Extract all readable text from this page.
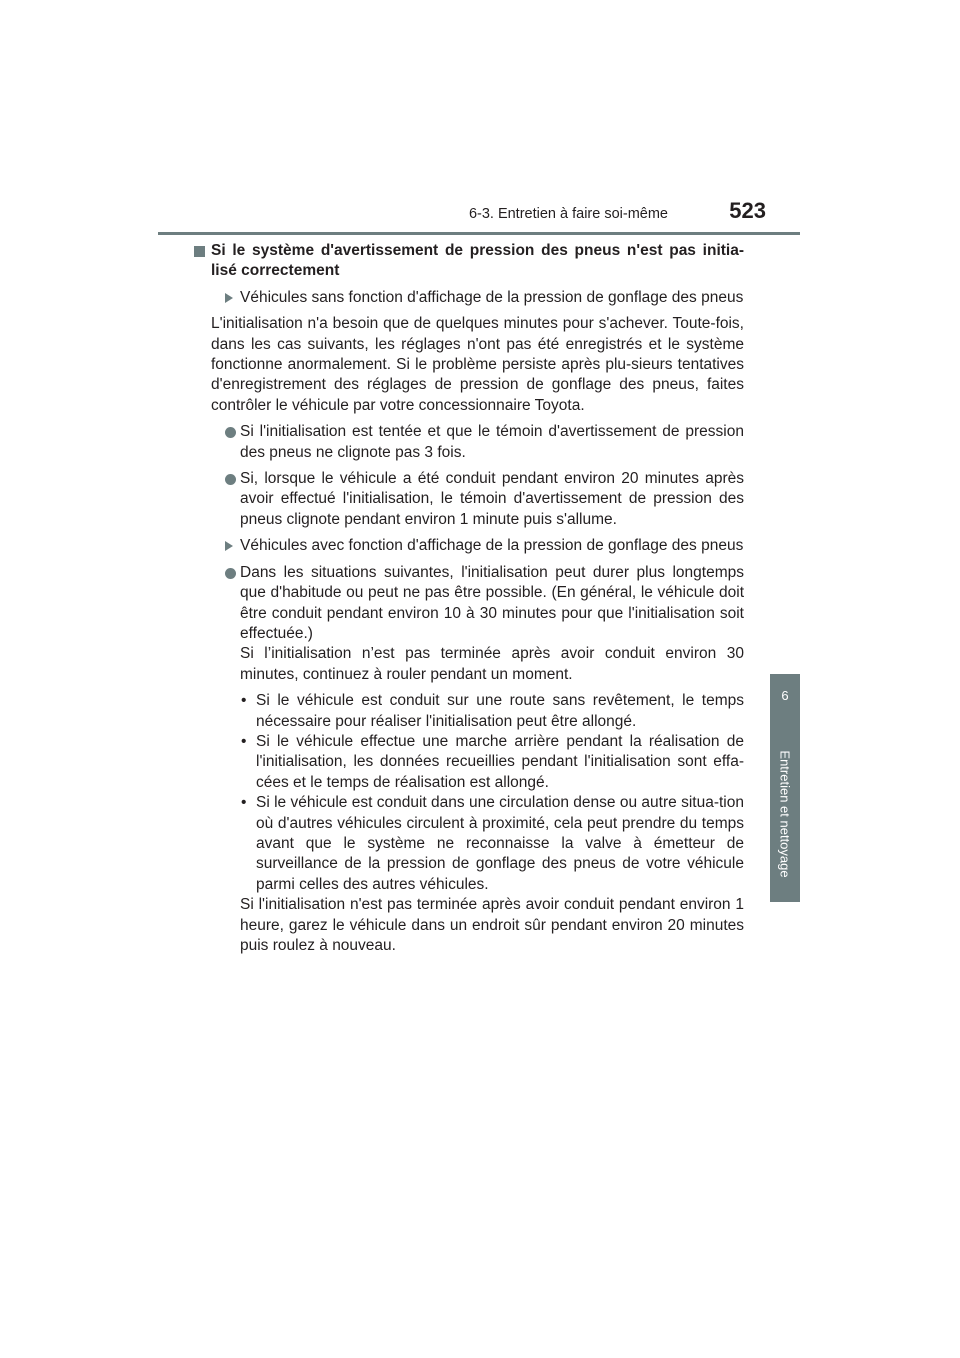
6-3. Entretien à faire soi-même	523
6
Entretien et nettoyage
Si le système d'avertissement de pression des pneus n'est pas initia-lisé correctement
Véhicules sans fonction d'affichage de la pression de gonflage des pneus
L'initialisation n'a besoin que de quelques minutes pour s'achever. Toute-fois, dans les cas suivants, les réglages n'ont pas été enregistrés et le système fonctionne anormalement. Si le problème persiste après plu-sieurs tentatives d'enregistrement des réglages de pression de gonflage des pneus, faites contrôler le véhicule par votre concessionnaire Toyota.
Si l'initialisation est tentée et que le témoin d'avertissement de pression des pneus ne clignote pas 3 fois.
Si, lorsque le véhicule a été conduit pendant environ 20 minutes après avoir effectué l'initialisation, le témoin d'avertissement de pression des pneus clignote pendant environ 1 minute puis s'allume.
Véhicules avec fonction d'affichage de la pression de gonflage des pneus
Dans les situations suivantes, l'initialisation peut durer plus longtemps que d'habitude ou peut ne pas être possible. (En général, le véhicule doit être conduit pendant environ 10 à 30 minutes pour que l'initialisation soit effectuée.)
Si l’initialisation n’est pas terminée après avoir conduit environ 30 minutes, continuez à rouler pendant un moment.
• Si le véhicule est conduit sur une route sans revêtement, le temps nécessaire pour réaliser l'initialisation peut être allongé.
• Si le véhicule effectue une marche arrière pendant la réalisation de l'initialisation, les données recueillies pendant l'initialisation sont effa-cées et le temps de réalisation est allongé.
• Si le véhicule est conduit dans une circulation dense ou autre situa-tion où d'autres véhicules circulent à proximité, cela peut prendre du temps avant que le système ne reconnaisse la valve à émetteur de surveillance de la pression de gonflage des pneus de votre véhicule parmi celles des autres véhicules.
Si l'initialisation n'est pas terminée après avoir conduit pendant environ 1 heure, garez le véhicule dans un endroit sûr pendant environ 20 minutes puis roulez à nouveau.
